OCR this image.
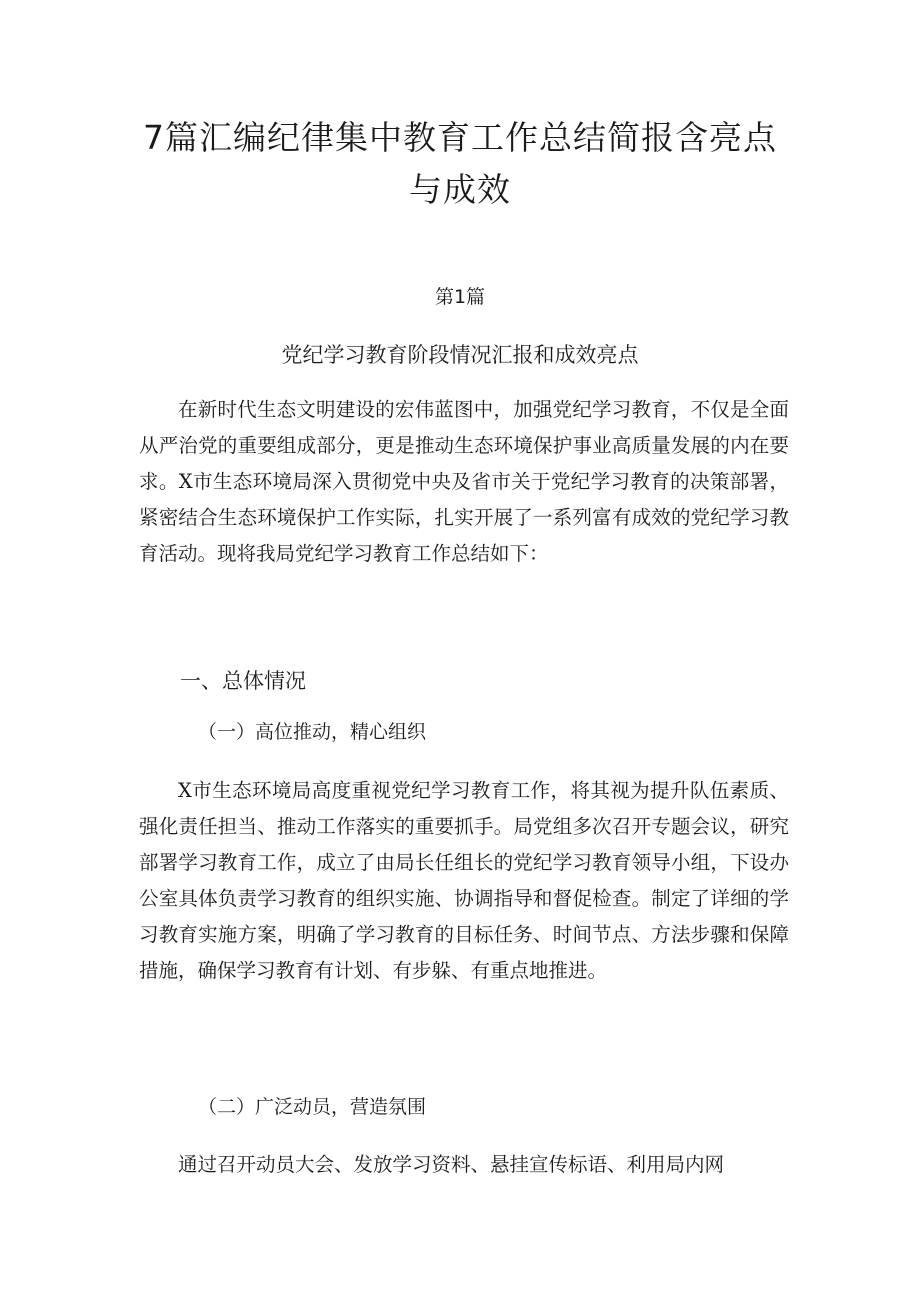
7篇汇编纪律集中教育工作总结简报含亮点
与成效
第1篇
党纪学习教育阶段情况汇报和成效亮点

在新时代生态文明建设的宏伟蓝图中，加强党纪学习教育，不仅是全面从严治党的重要组成部分，更是推动生态环境保护事业高质量发展的内在要求。X市生态环境局深入贯彻党中央及省市关于党纪学习教育的决策部署，紧密结合生态环境保护工作实际，扎实开展了一系列富有成效的党纪学习教育活动。现将我局党纪学习教育工作总结如下：

一、总体情况
（一）高位推动，精心组织

X市生态环境局高度重视党纪学习教育工作，将其视为提升队伍素质、强化责任担当、推动工作落实的重要抓手。局党组多次召开专题会议，研究部署学习教育工作，成立了由局长任组长的党纪学习教育领导小组，下设办公室具体负责学习教育的组织实施、协调指导和督促检查。制定了详细的学习教育实施方案，明确了学习教育的目标任务、时间节点、方法步骤和保障措施，确保学习教育有计划、有步躲、有重点地推进。

（二）广泛动员，营造氛围

通过召开动员大会、发放学习资料、悬挂宣传标语、利用局内网
